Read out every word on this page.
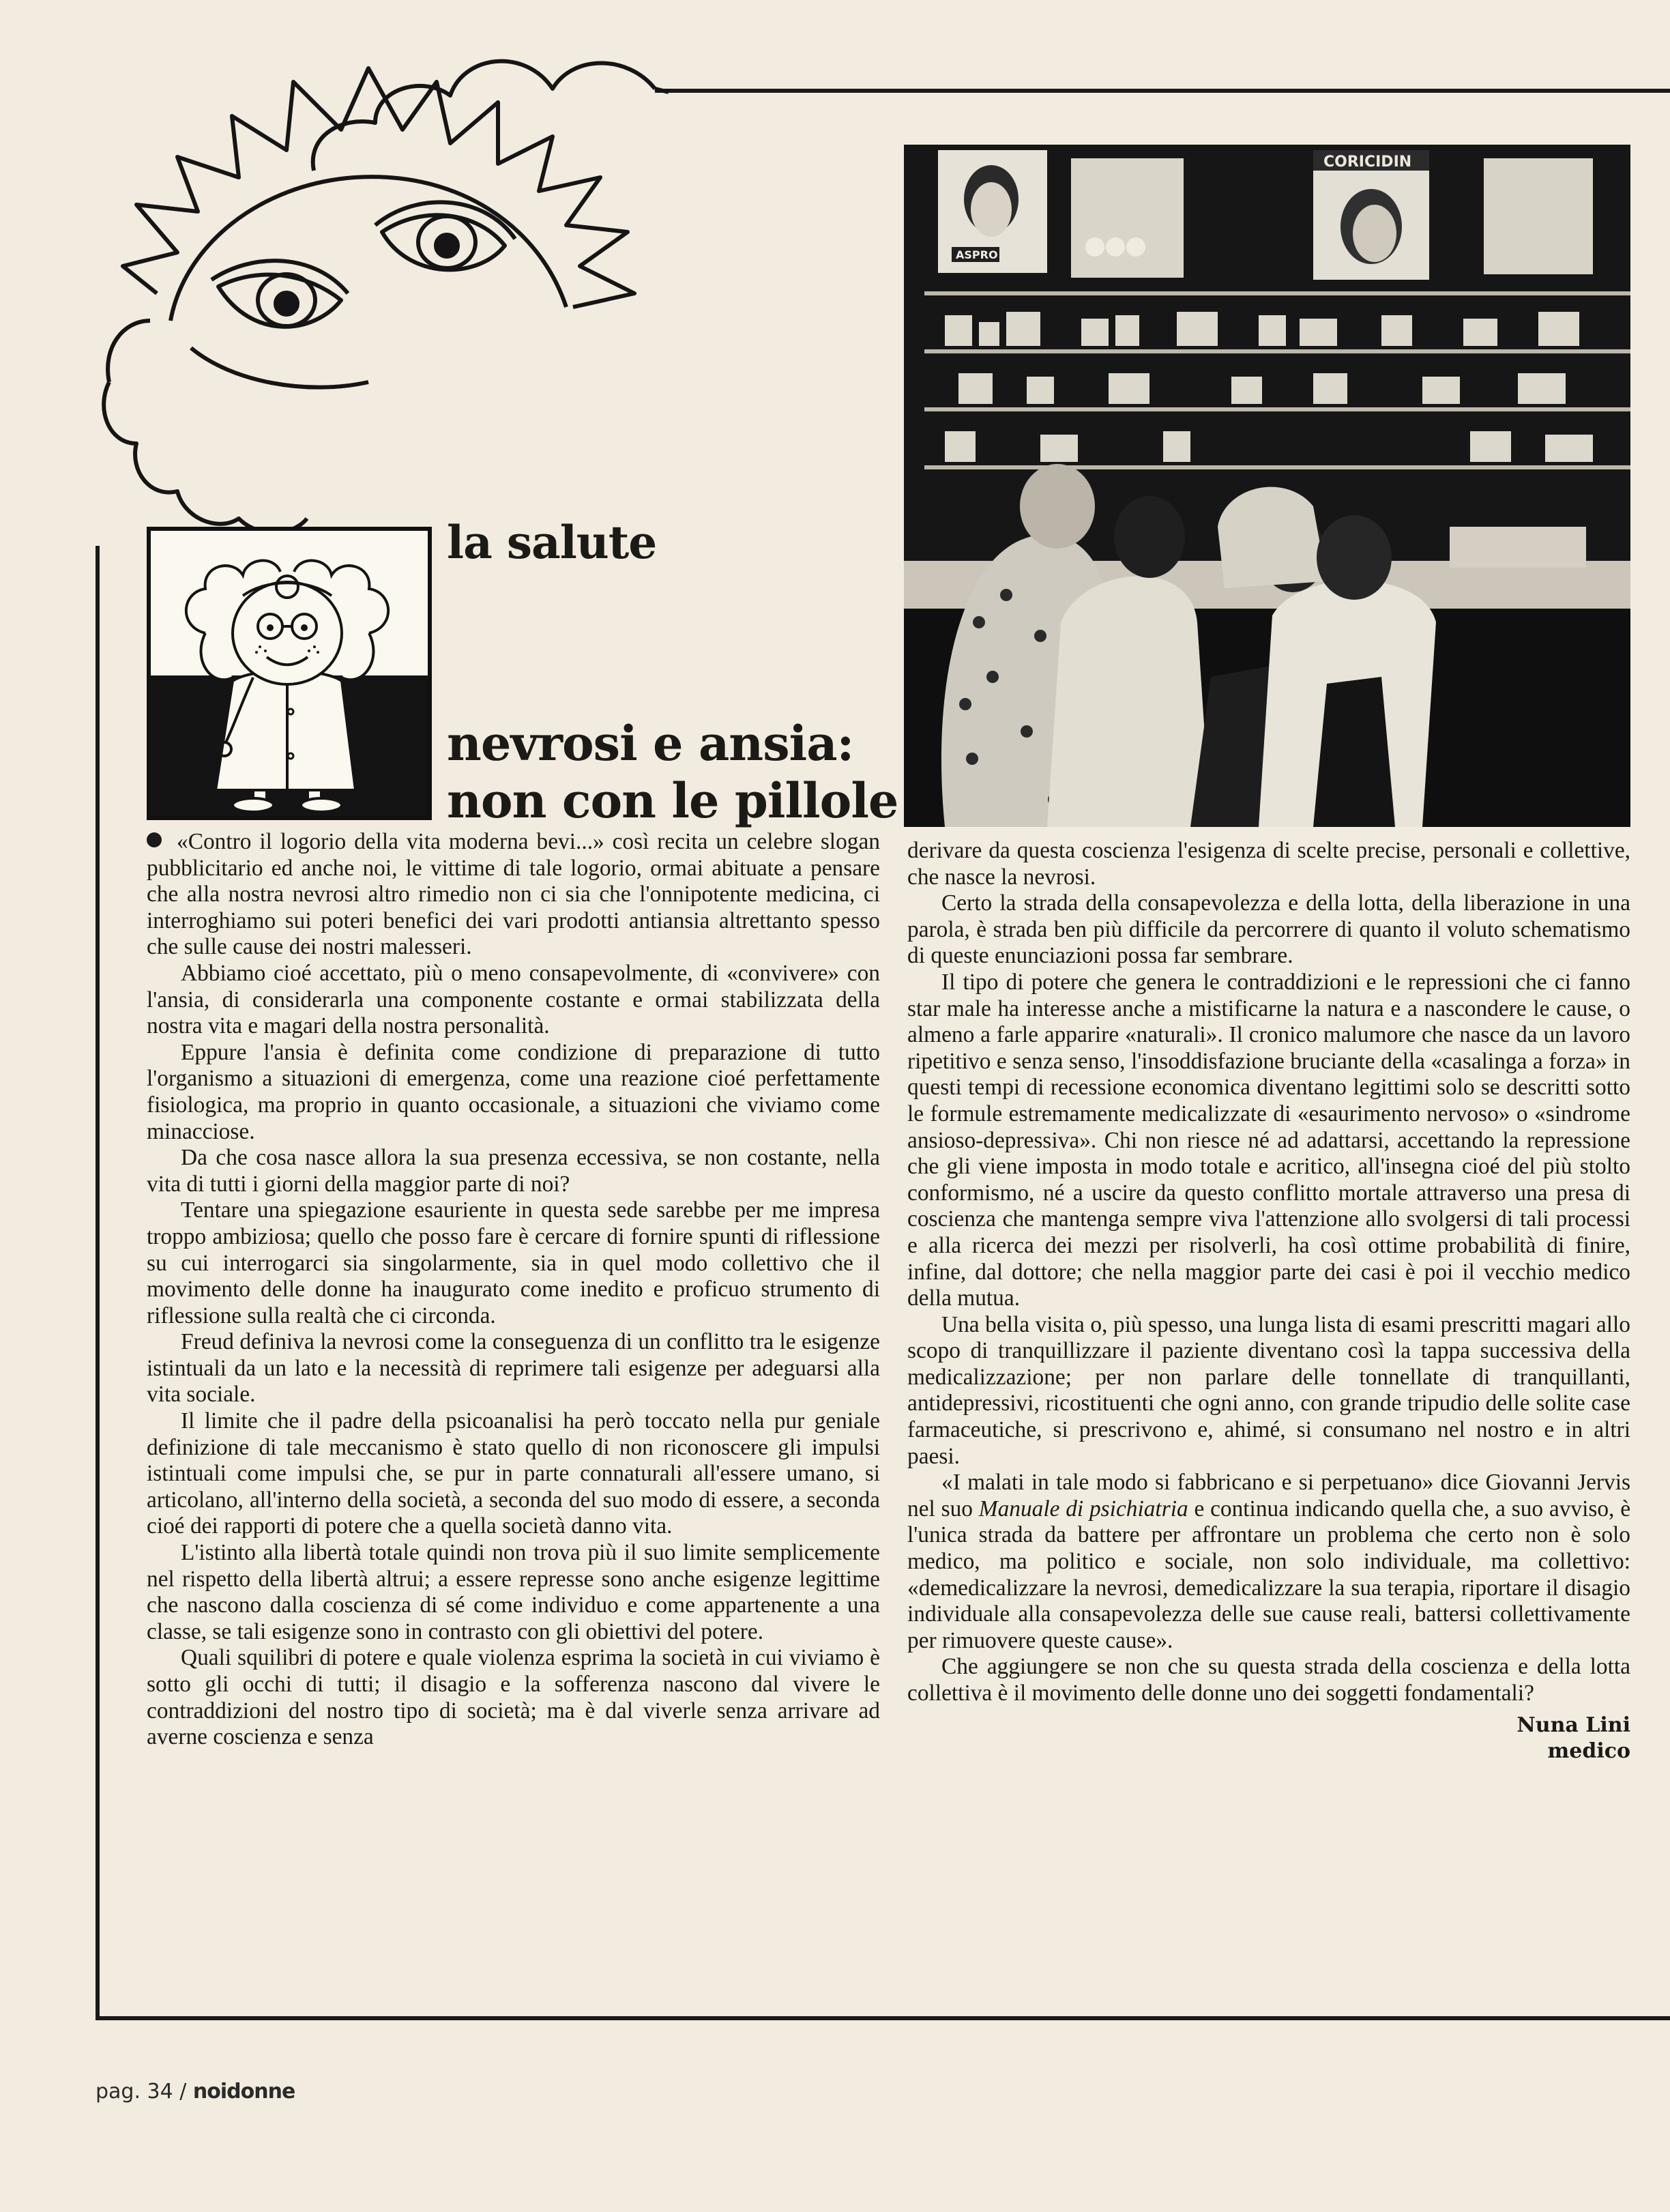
la salute
nevrosi e ansia:
non con le pillole
ASPRO
CORICIDIN

«Contro il logorio della vita moderna bevi...» così recita un celebre slogan pubblicitario ed anche noi, le vittime di tale logorio, ormai abituate a pensare che alla nostra nevrosi altro rimedio non ci sia che l'onnipotente medicina, ci interroghiamo sui poteri benefici dei vari prodotti antiansia altrettanto spesso che sulle cause dei nostri malesseri.

Abbiamo cioé accettato, più o meno consapevolmente, di «convivere» con l'ansia, di considerarla una componente costante e ormai stabilizzata della nostra vita e magari della nostra personalità.

Eppure l'ansia è definita come condizione di preparazione di tutto l'organismo a situazioni di emergenza, come una reazione cioé perfettamente fisiologica, ma proprio in quanto occasionale, a situazioni che viviamo come minacciose.

Da che cosa nasce allora la sua presenza eccessiva, se non costante, nella vita di tutti i giorni della maggior parte di noi?

Tentare una spiegazione esauriente in questa sede sarebbe per me impresa troppo ambiziosa; quello che posso fare è cercare di fornire spunti di riflessione su cui interrogarci sia singolarmente, sia in quel modo collettivo che il movimento delle donne ha inaugurato come inedito e proficuo strumento di riflessione sulla realtà che ci circonda.

Freud definiva la nevrosi come la conseguenza di un conflitto tra le esigenze istintuali da un lato e la necessità di reprimere tali esigenze per adeguarsi alla vita sociale.

Il limite che il padre della psicoanalisi ha però toccato nella pur geniale definizione di tale meccanismo è stato quello di non riconoscere gli impulsi istintuali come impulsi che, se pur in parte connaturali all'essere umano, si articolano, all'interno della società, a seconda del suo modo di essere, a seconda cioé dei rapporti di potere che a quella società danno vita.

L'istinto alla libertà totale quindi non trova più il suo limite semplicemente nel rispetto della libertà altrui; a essere represse sono anche esigenze legittime che nascono dalla coscienza di sé come individuo e come appartenente a una classe, se tali esigenze sono in contrasto con gli obiettivi del potere.

Quali squilibri di potere e quale violenza esprima la società in cui viviamo è sotto gli occhi di tutti; il disagio e la sofferenza nascono dal vivere le contraddizioni del nostro tipo di società; ma è dal viverle senza arrivare ad averne coscienza e senza

derivare da questa coscienza l'esigenza di scelte precise, personali e collettive, che nasce la nevrosi.

Certo la strada della consapevolezza e della lotta, della liberazione in una parola, è strada ben più difficile da percorrere di quanto il voluto schematismo di queste enunciazioni possa far sembrare.

Il tipo di potere che genera le contraddizioni e le repressioni che ci fanno star male ha interesse anche a mistificarne la natura e a nascondere le cause, o almeno a farle apparire «naturali». Il cronico malumore che nasce da un lavoro ripetitivo e senza senso, l'insoddisfazione bruciante della «casalinga a forza» in questi tempi di recessione economica diventano legittimi solo se descritti sotto le formule estremamente medicalizzate di «esaurimento nervoso» o «sindrome ansioso-depressiva». Chi non riesce né ad adattarsi, accettando la repressione che gli viene imposta in modo totale e acritico, all'insegna cioé del più stolto conformismo, né a uscire da questo conflitto mortale attraverso una presa di coscienza che mantenga sempre viva l'attenzione allo svolgersi di tali processi e alla ricerca dei mezzi per risolverli, ha così ottime probabilità di finire, infine, dal dottore; che nella maggior parte dei casi è poi il vecchio medico della mutua.

Una bella visita o, più spesso, una lunga lista di esami prescritti magari allo scopo di tranquillizzare il paziente diventano così la tappa successiva della medicalizzazione; per non parlare delle tonnellate di tranquillanti, antidepressivi, ricostituenti che ogni anno, con grande tripudio delle solite case farmaceutiche, si prescrivono e, ahimé, si consumano nel nostro e in altri paesi.

«I malati in tale modo si fabbricano e si perpetuano» dice Giovanni Jervis nel suo Manuale di psichiatria e continua indicando quella che, a suo avviso, è l'unica strada da battere per affrontare un problema che certo non è solo medico, ma politico e sociale, non solo individuale, ma collettivo: «demedicalizzare la nevrosi, demedicalizzare la sua terapia, riportare il disagio individuale alla consapevolezza delle sue cause reali, battersi collettivamente per rimuovere queste cause».

Che aggiungere se non che su questa strada della coscienza e della lotta collettiva è il movimento delle donne uno dei soggetti fondamentali?

Nuna Lini
medico
pag. 34 / noidonne
